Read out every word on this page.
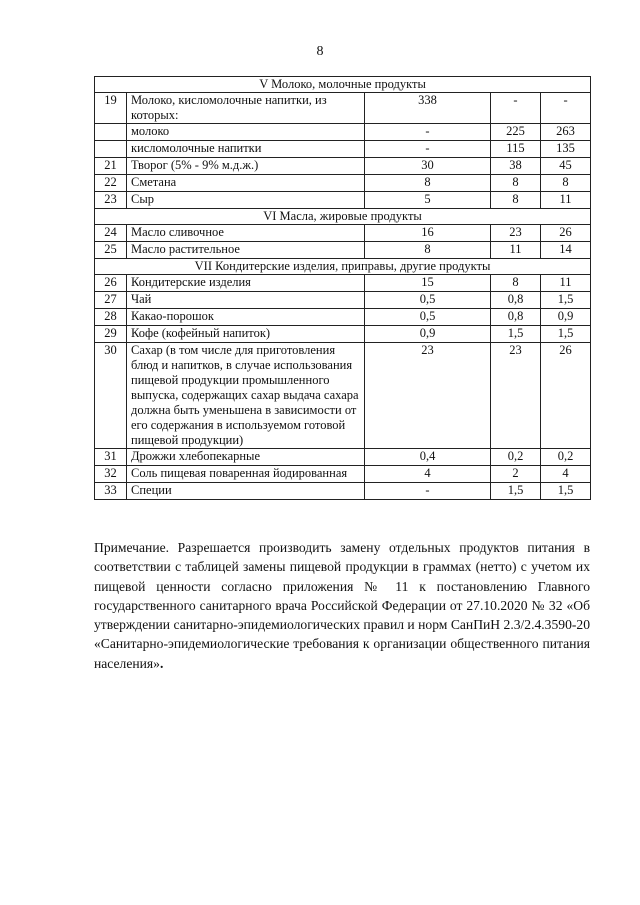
8
V Молоко, молочные продукты				
19	Молоко, кисломолочные напитки, из которых:	338	-	-
	молоко	-	225	263
	кисломолочные напитки	-	115	135
21	Творог (5% - 9% м.д.ж.)	30	38	45
22	Сметана	8	8	8
23	Сыр	5	8	11
VI Масла, жировые продукты				
24	Масло сливочное	16	23	26
25	Масло растительное	8	11	14
VII Кондитерские изделия, приправы, другие продукты				
26	Кондитерские изделия	15	8	11
27	Чай	0,5	0,8	1,5
28	Какао-порошок	0,5	0,8	0,9
29	Кофе (кофейный напиток)	0,9	1,5	1,5
30	Сахар (в том числе для приготовления блюд и напитков, в случае использования пищевой продукции промышленного выпуска, содержащих сахар выдача сахара должна быть уменьшена в зависимости от его содержания в используемом готовой пищевой продукции)	23	23	26
31	Дрожжи хлебопекарные	0,4	0,2	0,2
32	Соль пищевая поваренная йодированная	4	2	4
33	Специи	-	1,5	1,5
Примечание. Разрешается производить замену отдельных продуктов питания в соответствии с таблицей замены пищевой продукции в граммах (нетто) с учетом их пищевой ценности согласно приложения № 11 к постановлению Главного государственного санитарного врача Российской Федерации от 27.10.2020 № 32 «Об утверждении санитарно-эпидемиологических правил и норм СанПиН 2.3/2.4.3590-20 «Санитарно-эпидемиологические требования к организации общественного питания населения».
